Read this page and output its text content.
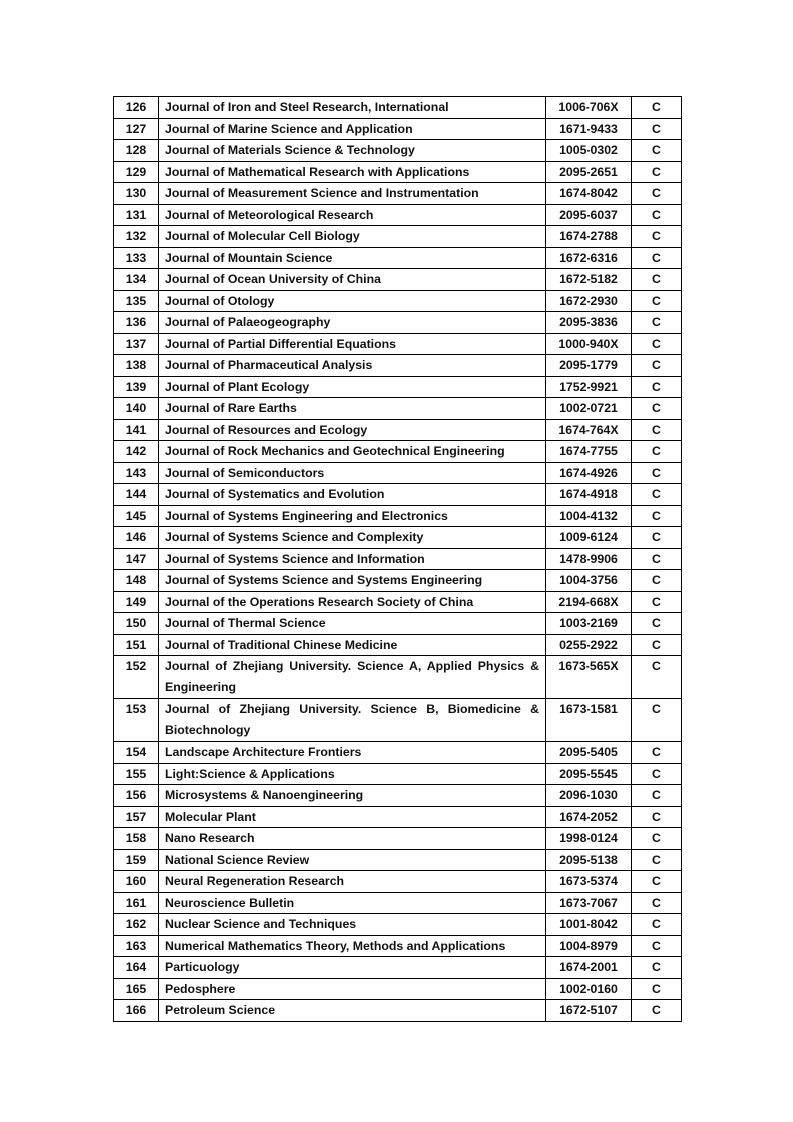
126	Journal of Iron and Steel Research, International	1006-706X	C
127	Journal of Marine Science and Application	1671-9433	C
128	Journal of Materials Science & Technology	1005-0302	C
129	Journal of Mathematical Research with Applications	2095-2651	C
130	Journal of Measurement Science and Instrumentation	1674-8042	C
131	Journal of Meteorological Research	2095-6037	C
132	Journal of Molecular Cell Biology	1674-2788	C
133	Journal of Mountain Science	1672-6316	C
134	Journal of Ocean University of China	1672-5182	C
135	Journal of Otology	1672-2930	C
136	Journal of Palaeogeography	2095-3836	C
137	Journal of Partial Differential Equations	1000-940X	C
138	Journal of Pharmaceutical Analysis	2095-1779	C
139	Journal of Plant Ecology	1752-9921	C
140	Journal of Rare Earths	1002-0721	C
141	Journal of Resources and Ecology	1674-764X	C
142	Journal of Rock Mechanics and Geotechnical Engineering	1674-7755	C
143	Journal of Semiconductors	1674-4926	C
144	Journal of Systematics and Evolution	1674-4918	C
145	Journal of Systems Engineering and Electronics	1004-4132	C
146	Journal of Systems Science and Complexity	1009-6124	C
147	Journal of Systems Science and Information	1478-9906	C
148	Journal of Systems Science and Systems Engineering	1004-3756	C
149	Journal of the Operations Research Society of China	2194-668X	C
150	Journal of Thermal Science	1003-2169	C
151	Journal of Traditional Chinese Medicine	0255-2922	C
152	Journal of Zhejiang University. Science A, Applied Physics & Engineering	1673-565X	C
153	Journal of Zhejiang University. Science B, Biomedicine & Biotechnology	1673-1581	C
154	Landscape Architecture Frontiers	2095-5405	C
155	Light:Science & Applications	2095-5545	C
156	Microsystems & Nanoengineering	2096-1030	C
157	Molecular Plant	1674-2052	C
158	Nano Research	1998-0124	C
159	National Science Review	2095-5138	C
160	Neural Regeneration Research	1673-5374	C
161	Neuroscience Bulletin	1673-7067	C
162	Nuclear Science and Techniques	1001-8042	C
163	Numerical Mathematics Theory, Methods and Applications	1004-8979	C
164	Particuology	1674-2001	C
165	Pedosphere	1002-0160	C
166	Petroleum Science	1672-5107	C
